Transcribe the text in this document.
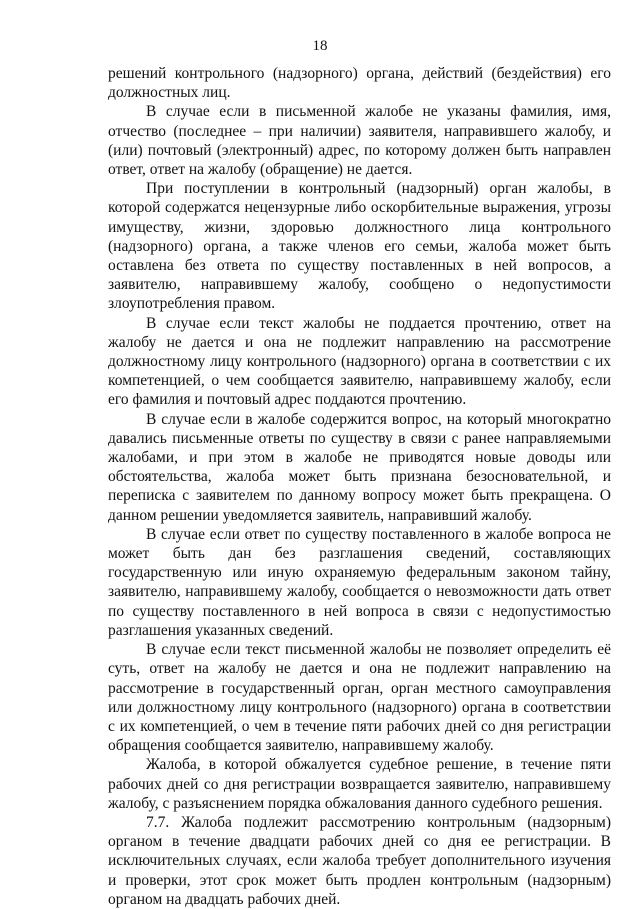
18

решений контрольного (надзорного) органа, действий (бездействия) его должностных лиц.

В случае если в письменной жалобе не указаны фамилия, имя, отчество (последнее – при наличии) заявителя, направившего жалобу, и (или) почтовый (электронный) адрес, по которому должен быть направлен ответ, ответ на жалобу (обращение) не дается.

При поступлении в контрольный (надзорный) орган жалобы, в которой содержатся нецензурные либо оскорбительные выражения, угрозы имуществу, жизни, здоровью должностного лица контрольного (надзорного) органа, а также членов его семьи, жалоба может быть оставлена без ответа по существу поставленных в ней вопросов, а заявителю, направившему жалобу, сообщено о недопустимости злоупотребления правом.

В случае если текст жалобы не поддается прочтению, ответ на жалобу не дается и она не подлежит направлению на рассмотрение должностному лицу контрольного (надзорного) органа в соответствии с их компетенцией, о чем сообщается заявителю, направившему жалобу, если его фамилия и почтовый адрес поддаются прочтению.

В случае если в жалобе содержится вопрос, на который многократно давались письменные ответы по существу в связи с ранее направляемыми жалобами, и при этом в жалобе не приводятся новые доводы или обстоятельства, жалоба может быть признана безосновательной, и переписка с заявителем по данному вопросу может быть прекращена. О данном решении уведомляется заявитель, направивший жалобу.

В случае если ответ по существу поставленного в жалобе вопроса не может быть дан без разглашения сведений, составляющих государственную или иную охраняемую федеральным законом тайну, заявителю, направившему жалобу, сообщается о невозможности дать ответ по существу поставленного в ней вопроса в связи с недопустимостью разглашения указанных сведений.

В случае если текст письменной жалобы не позволяет определить её суть, ответ на жалобу не дается и она не подлежит направлению на рассмотрение в государственный орган, орган местного самоуправления или должностному лицу контрольного (надзорного) органа в соответствии с их компетенцией, о чем в течение пяти рабочих дней со дня регистрации обращения сообщается заявителю, направившему жалобу.

Жалоба, в которой обжалуется судебное решение, в течение пяти рабочих дней со дня регистрации возвращается заявителю, направившему жалобу, с разъяснением порядка обжалования данного судебного решения.

7.7. Жалоба подлежит рассмотрению контрольным (надзорным) органом в течение двадцати рабочих дней со дня ее регистрации. В исключительных случаях, если жалоба требует дополнительного изучения и проверки, этот срок может быть продлен контрольным (надзорным) органом на двадцать рабочих дней.
